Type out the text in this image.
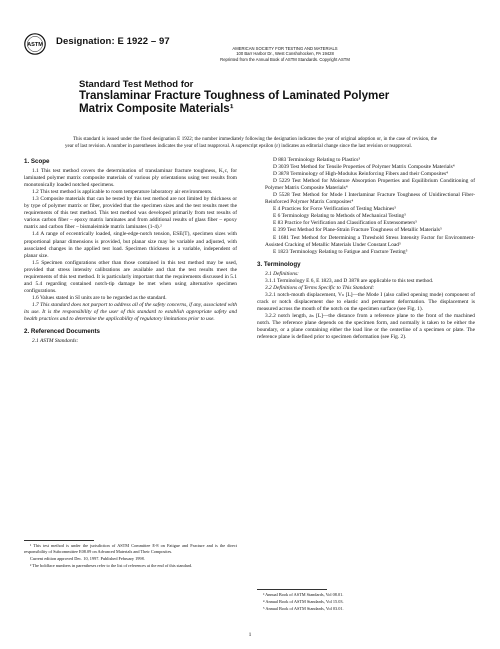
ASTM Designation: E 1922 – 97
AMERICAN SOCIETY FOR TESTING AND MATERIALS
100 Barr Harbor Dr., West Conshohocken, PA 19428
Reprinted from the Annual Book of ASTM Standards. Copyright ASTM
Standard Test Method for
Translaminar Fracture Toughness of Laminated Polymer
Matrix Composite Materials¹
This standard is issued under the fixed designation E 1922; the number immediately following the designation indicates the year of original adoption or, in the case of revision, the year of last revision. A number in parentheses indicates the year of last reapproval. A superscript epsilon (ε) indicates an editorial change since the last revision or reapproval.
1. Scope

1.1 This test method covers the determination of translaminar fracture toughness, K₁c, for laminated polymer matrix composite materials of various ply orientations using test results from monotonically loaded notched specimens.

1.2 This test method is applicable to room temperature laboratory air environments.

1.3 Composite materials that can be tested by this test method are not limited by thickness or by type of polymer matrix or fiber, provided that the specimen sizes and the test results meet the requirements of this test method. This test method was developed primarily from test results of various carbon fiber – epoxy matrix laminates and from additional results of glass fiber – epoxy matrix and carbon fiber – bismaleimide matrix laminates (1-4).²

1.4 A range of eccentrically loaded, single-edge-notch tension, ESE(T), specimen sizes with proportional planar dimensions is provided, but planar size may be variable and adjusted, with associated changes in the applied test load. Specimen thickness is a variable, independent of planar size.

1.5 Specimen configurations other than those contained in this test method may be used, provided that stress intensity calibrations are available and that the test results meet the requirements of this test method. It is particularly important that the requirements discussed in 5.1 and 5.4 regarding contained notch-tip damage be met when using alternative specimen configurations.

1.6 Values stated in SI units are to be regarded as the standard.

1.7 This standard does not purport to address all of the safety concerns, if any, associated with its use. It is the responsibility of the user of this standard to establish appropriate safety and health practices and to determine the applicability of regulatory limitations prior to use.

2. Referenced Documents

2.1 ASTM Standards:

¹ This test method is under the jurisdiction of ASTM Committee E-8 on Fatigue and Fracture and is the direct responsibility of Subcommittee E08.09 on Advanced Materials and Their Composites.

Current edition approved Dec. 10, 1997. Published February 1998.

² The boldface numbers in parentheses refer to the list of references at the end of this standard.

D 883 Terminology Relating to Plastics³

D 3039 Test Method for Tensile Properties of Polymer Matrix Composite Materials⁴

D 3878 Terminology of High-Modulus Reinforcing Fibers and their Composites⁴

D 5229 Test Method for Moisture Absorption Properties and Equilibrium Conditioning of Polymer Matrix Composite Materials⁴

D 5528 Test Method for Mode I Interlaminar Fracture Toughness of Unidirectional Fiber-Reinforced Polymer Matrix Composites⁴

E 4 Practices for Force Verification of Testing Machines⁵

E 6 Terminology Relating to Methods of Mechanical Testing⁵

E 83 Practice for Verification and Classification of Extensometers⁵

E 399 Test Method for Plane-Strain Fracture Toughness of Metallic Materials⁵

E 1681 Test Method for Determining a Threshold Stress Intensity Factor for Environment-Assisted Cracking of Metallic Materials Under Constant Load⁵

E 1823 Terminology Relating to Fatigue and Fracture Testing⁵

3. Terminology

3.1 Definitions:

3.1.1 Terminology E 6, E 1823, and D 3878 are applicable to this test method.

3.2 Definitions of Terms Specific to This Standard:

3.2.1 notch-mouth displacement, Vₙ [L]—the Mode I (also called opening mode) component of crack or notch displacement due to elastic and permanent deformation. The displacement is measured across the mouth of the notch on the specimen surface (see Fig. 1).

3.2.2 notch length, aₙ [L]—the distance from a reference plane to the front of the machined notch. The reference plane depends on the specimen form, and normally is taken to be either the boundary, or a plane containing either the load line or the centerline of a specimen or plate. The reference plane is defined prior to specimen deformation (see Fig. 2).

³ Annual Book of ASTM Standards, Vol 08.01.

⁴ Annual Book of ASTM Standards, Vol 15.03.

⁵ Annual Book of ASTM Standards, Vol 03.01.

1
